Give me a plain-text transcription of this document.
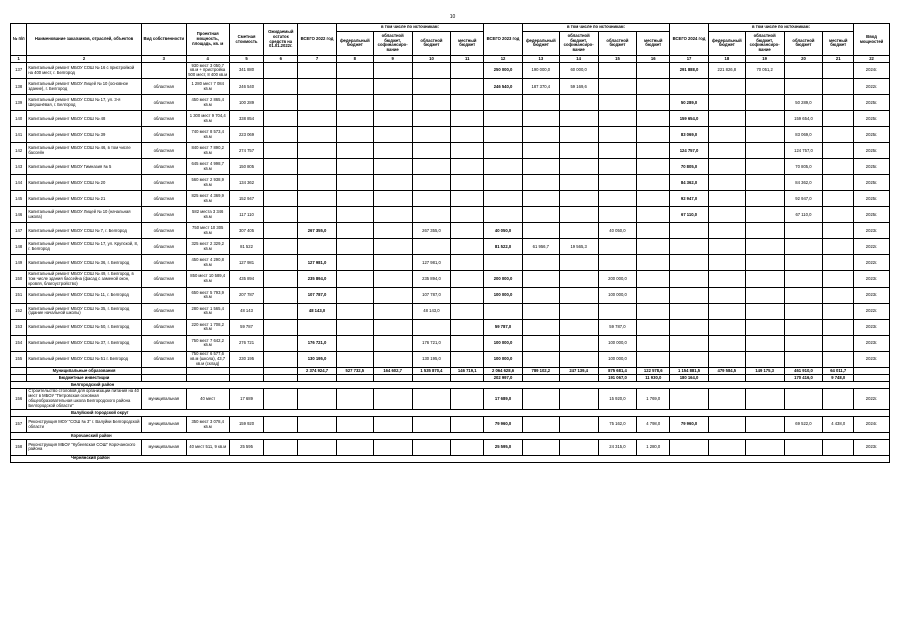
10
№ п/п	Наименование заказчиков, отраслей, объектов	Вид собственности	Проектная мощность, площадь, кв. м	Сметная стоимость	Ожидаемый остаток средств на 01.01.2022г.	ВСЕГО 2022 год	в том числе по источникам:				ВСЕГО 2023 год	в том числе по источникам:				ВСЕГО 2024 год	в том числе по источникам:				Ввод мощностей
							федеральный бюджет	областной бюджет, софинансиро-вание	областной бюджет	местный бюджет		федеральный бюджет	областной бюджет, софинансиро-вание	областной бюджет	местный бюджет		федеральный бюджет	областной бюджет, софинансиро-вание	областной бюджет	местный бюджет	
1	2	3	4	5	6	7	8	9	10	11	12	13	14	15	16	17	18	19	20	21	22
137	Капитальный ремонт МБОУ СОШ № 16 с пристройкой на 400 мест, г. Белгород		930 мест 3 050,7 кв.м + пристройка 500 мест, 8 400 кв.м	341 880							250 000,0	190 000,0	60 000,0			291 888,0	221 826,8	70 051,2			2024г.
138	Капитальный ремонт МБОУ Лицей № 10 (основное здание), г. Белгород	областная	1 280 мест 7 084 кв.м	246 540							246 540,0	187 370,4	59 169,6								2022г.
139	Капитальный ремонт МБОУ СОШ № 17, ул. 3-я Шершнёвая, г. Белгород	областная	450 мест 2 865,4 кв.м	100 289												50 289,0			50 289,0		2025г.
140	Капитальный ремонт МБОУ СОШ № 48	областная	1 300 мест 9 704,4 кв.м	338 854												159 654,0			159 654,0		2025г.
141	Капитальный ремонт МБОУ СОШ № 39	областная	740 мест 8 573,4 кв.м	223 069												83 069,0			83 069,0		2025г.
142	Капитальный ремонт МБОУ СОШ № 46, в том числе бассейн	областная	840 мест 7 890,2 кв.м	274 757												124 757,0			124 757,0		2025г.
143	Капитальный ремонт МБОУ Гимназия № 5	областная	645 мест 4 998,7 кв.м	150 805												70 805,0			70 805,0		2025г.
144	Капитальный ремонт МБОУ СОШ № 20	областная	560 мест 2 938,9 кв.м	134 362												84 362,0			84 362,0		2025г.
145	Капитальный ремонт МБОУ СОШ № 21	областная	825 мест 4 369,9 кв.м	152 947												92 947,0			92 947,0		2025г.
146	Капитальный ремонт МБОУ Лицей № 10 (начальная школа)	областная	582 места 3 346 кв.м	117 110												67 110,0			67 110,0		2025г.
147	Капитальный ремонт МБОУ СОШ № 7, г. Белгород	областная	750 мест 10 305 кв.м	307 405		267 355,0			267 355,0		40 050,0			40 050,0							2023г.
148	Капитальный ремонт МБОУ СОШ № 17, ул. Крупской, 8, г. Белгород	областная	325 мест 2 329,2 кв.м	81 522							81 522,0	61 956,7	19 565,3								2022г.
149	Капитальный ремонт МБОУ СОШ № 36, г. Белгород	областная	450 мест 4 290,8 кв.м	127 981		127 981,0			127 981,0												2022г.
150	Капитальный ремонт МБОУ СОШ № 49, г. Белгород, в том числе здания бассейна (фасад с заменой окон, кровля, благоустройство)	областная	850 мест 10 589,4 кв.м	435 894		235 894,0			235 894,0		200 000,0			200 000,0							2023г.
151	Капитальный ремонт МБОУ СОШ № 11, г. Белгород	областная	650 мест 5 793,9 кв.м	207 787		107 787,0			107 787,0		100 000,0			100 000,0							2023г.
152	Капитальный ремонт МБОУ СОШ № 35, г. Белгород (здание начальной школы)	областная	280 мест 1 565,4 кв.м	48 143		48 143,0			48 143,0												2022г.
153	Капитальный ремонт МБОУ СОШ № 50, г. Белгород	областная	220 мест 1 708,2 кв.м	59 787							59 787,0			59 787,0							2023г.
154	Капитальный ремонт МБОУ СОШ № 37, г. Белгород	областная	750 мест 7 642,2 кв.м	276 721		176 721,0			176 721,0		100 000,0			100 000,0							2023г.
155	Капитальный ремонт МБОУ СОШ № 51 г. Белгород	областная	750 мест 6 577,6 кв.м (школа), 43,7 кв.м (склад)	230 195		130 195,0			130 195,0		100 000,0			100 000,0							2023г.
	Муниципальные образования					2 374 924,7	527 732,5	164 602,7	1 535 870,4	146 719,1	2 064 628,6	789 102,2	247 139,4	875 681,4	122 578,6	1 154 881,5	479 584,5	149 175,3	461 910,0	64 011,7	
	Бюджетные инвестиции										202 997,0			191 067,0	11 930,0	180 164,0			170 416,0	9 748,0	
Белгородский район																					
156	Строительство столовой для организации питания на 40 мест в МБОУ "Петровская основная общеобразовательная школа Белгородского района Белгородской области"	муниципальная	40 мест	17 689							17 689,0			15 920,0	1 769,0						2022г.
Валуйский городской округ																					
157	Реконструкция МОУ "СОШ № 3" г. Валуйки Белгородской области	муниципальная	350 мест 3 078,4 кв.м	159 920							79 960,0			75 162,0	4 798,0	79 960,0			69 522,0	4 438,0	2024г.
Корочанский район																					
158	Реконструкция МБОУ "Кубеевская СОШ" Корочанского района	муниципальная	40 мест 511, 9 кв.м	25 595							25 595,0			24 315,0	1 280,0						2023г.
Чернянский район																					
